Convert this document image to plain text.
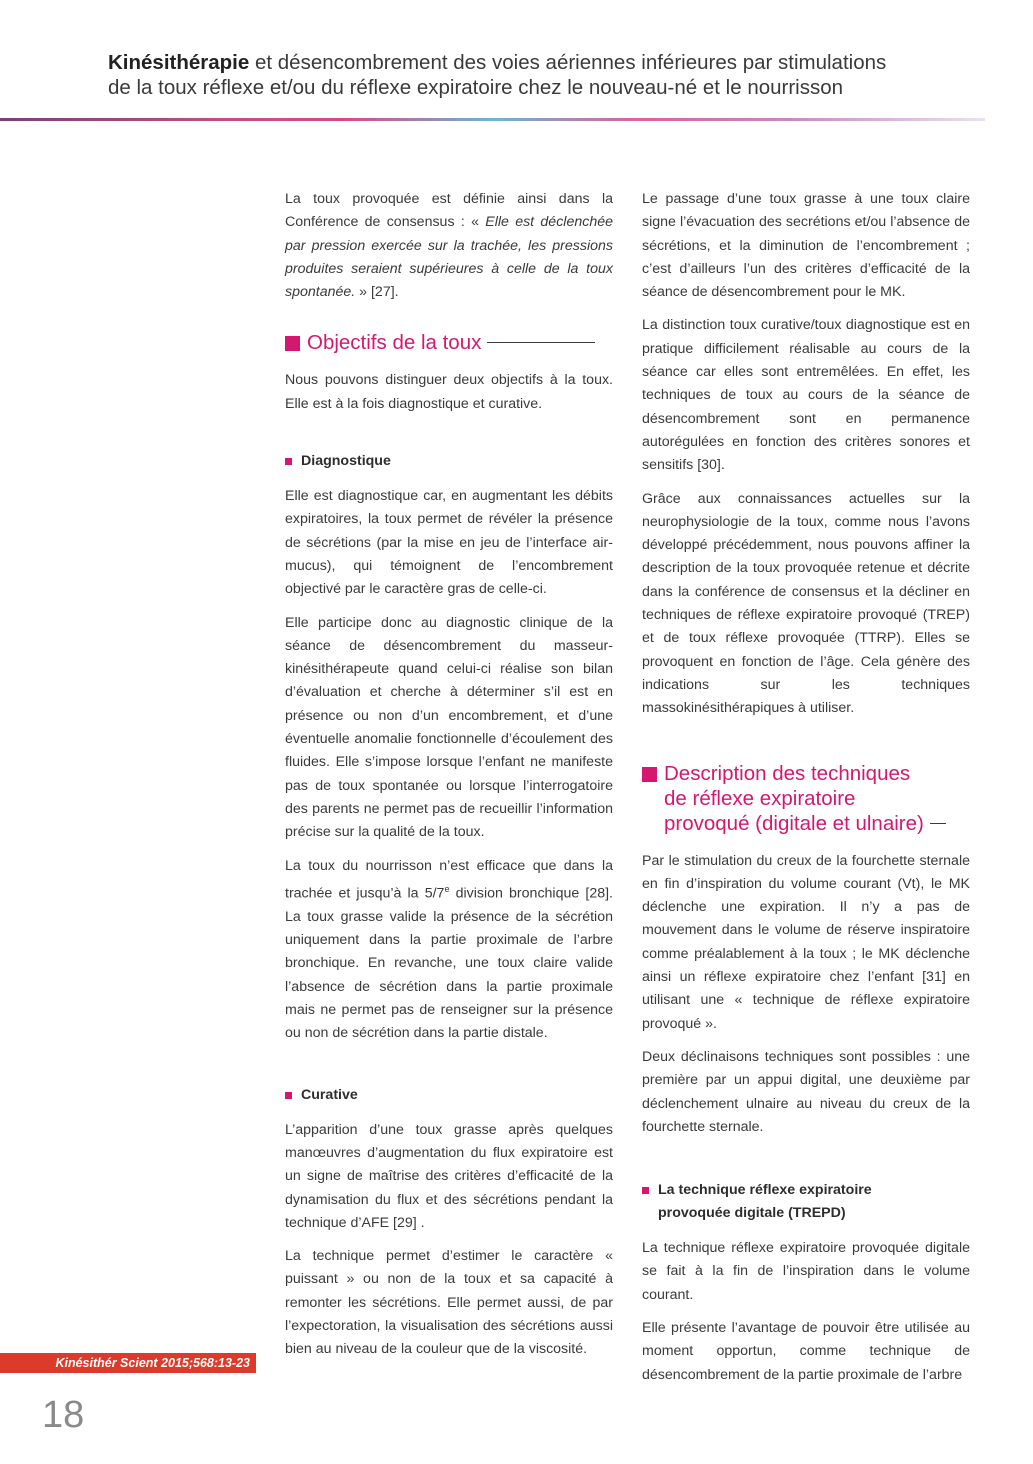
Kinésithérapie et désencombrement des voies aériennes inférieures par stimulations
de la toux réflexe et/ou du réflexe expiratoire chez le nouveau-né et le nourrisson

La toux provoquée est définie ainsi dans la Conférence de consensus : « Elle est déclenchée par pression exercée sur la trachée, les pressions produites seraient supérieures à celle de la toux spontanée. » [27].

Objectifs de la toux

Nous pouvons distinguer deux objectifs à la toux. Elle est à la fois diagnostique et curative.

Diagnostique

Elle est diagnostique car, en augmentant les débits expiratoires, la toux permet de révéler la présence de sécrétions (par la mise en jeu de l’interface air-mucus), qui témoignent de l’encombrement objectivé par le caractère gras de celle-ci.

Elle participe donc au diagnostic clinique de la séance de désencombrement du masseur-kinésithérapeute quand celui-ci réalise son bilan d’évaluation et cherche à déterminer s’il est en présence ou non d’un encombrement, et d’une éventuelle anomalie fonctionnelle d’écoulement des fluides. Elle s’impose lorsque l’enfant ne manifeste pas de toux spontanée ou lorsque l’interrogatoire des parents ne permet pas de recueillir l’information précise sur la qualité de la toux.

La toux du nourrisson n’est efficace que dans la trachée et jusqu’à la 5/7e division bronchique [28]. La toux grasse valide la présence de la sécrétion uniquement dans la partie proximale de l’arbre bronchique. En revanche, une toux claire valide l’absence de sécrétion dans la partie proximale mais ne permet pas de renseigner sur la présence ou non de sécrétion dans la partie distale.

Curative

L’apparition d’une toux grasse après quelques manœuvres d’augmentation du flux expiratoire est un signe de maîtrise des critères d’efficacité de la dynamisation du flux et des sécrétions pendant la technique d’AFE [29] .

La technique permet d’estimer le caractère « puissant » ou non de la toux et sa capacité à remonter les sécrétions. Elle permet aussi, de par l’expectoration, la visualisation des sécrétions aussi bien au niveau de la couleur que de la viscosité.

Le passage d’une toux grasse à une toux claire signe l’évacuation des secrétions et/ou l’absence de sécrétions, et la diminution de l’encombrement ; c’est d’ailleurs l’un des critères d’efficacité de la séance de désencombrement pour le MK.

La distinction toux curative/toux diagnostique est en pratique difficilement réalisable au cours de la séance car elles sont entremêlées. En effet, les techniques de toux au cours de la séance de désencombrement sont en permanence autorégulées en fonction des critères sonores et sensitifs [30].

Grâce aux connaissances actuelles sur la neurophysiologie de la toux, comme nous l’avons développé précédemment, nous pouvons affiner la description de la toux provoquée retenue et décrite dans la conférence de consensus et la décliner en techniques de réflexe expiratoire provoqué (TREP) et de toux réflexe provoquée (TTRP). Elles se provoquent en fonction de l’âge. Cela génère des indications sur les techniques massokinésithérapiques à utiliser.

Description des techniques
de réflexe expiratoire
provoqué (digitale et ulnaire)

Par le stimulation du creux de la fourchette sternale en fin d’inspiration du volume courant (Vt), le MK déclenche une expiration. Il n’y a pas de mouvement dans le volume de réserve inspiratoire comme préalablement à la toux ; le MK déclenche ainsi un réflexe expiratoire chez l’enfant [31] en utilisant une « technique de réflexe expiratoire provoqué ».

Deux déclinaisons techniques sont possibles : une première par un appui digital, une deuxième par déclenchement ulnaire au niveau du creux de la fourchette sternale.

La technique réflexe expiratoire
provoquée digitale (TREPD)

La technique réflexe expiratoire provoquée digitale se fait à la fin de l’inspiration dans le volume courant.

Elle présente l’avantage de pouvoir être utilisée au moment opportun, comme technique de désencombrement de la partie proximale de l’arbre

Kinésithér Scient 2015;568:13-23
18
